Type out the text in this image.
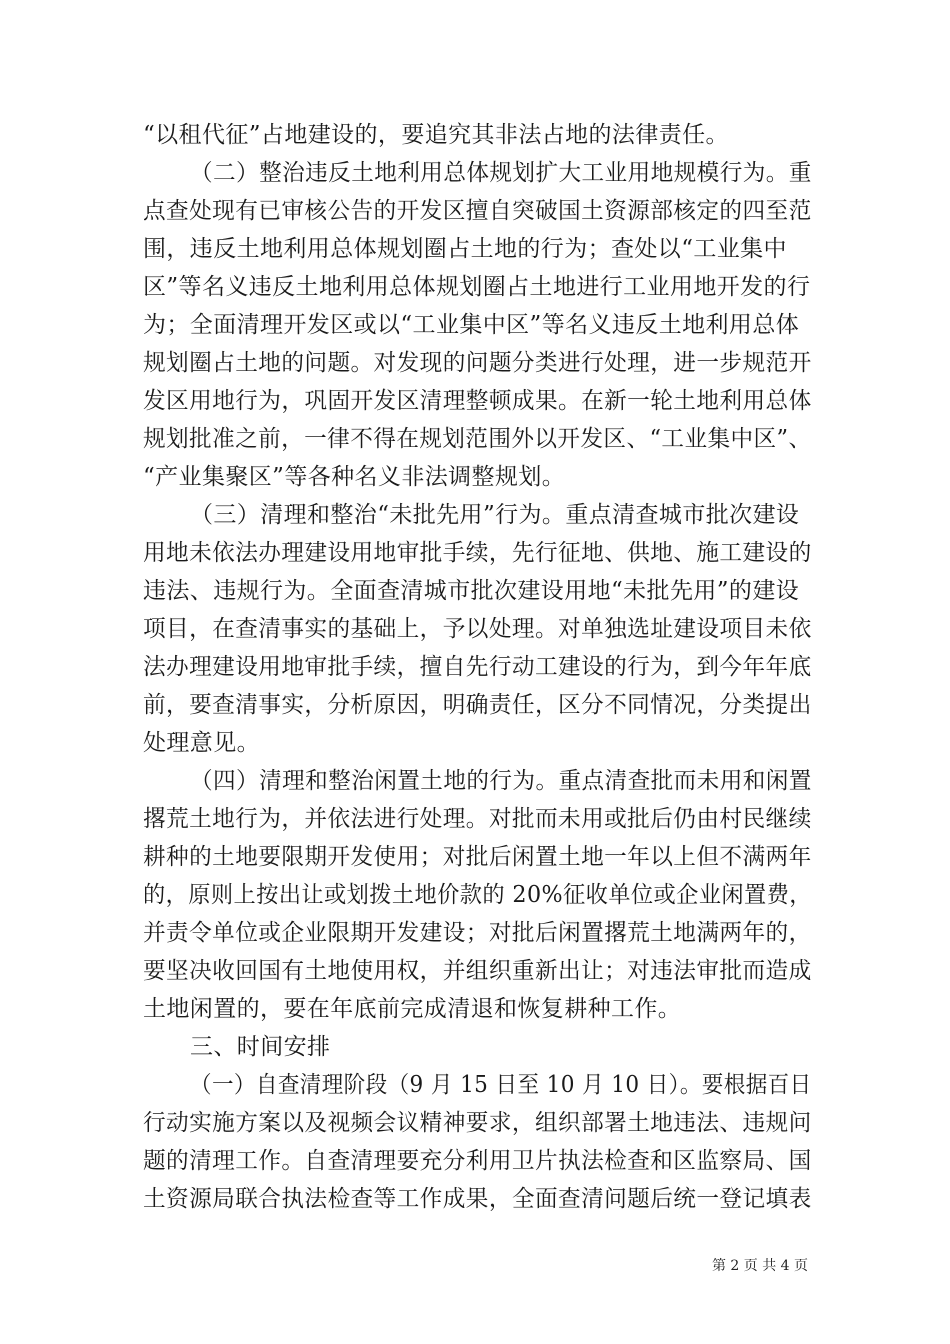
“以租代征”占地建设的，要追究其非法占地的法律责任。
（二）整治违反土地利用总体规划扩大工业用地规模行为。重
点查处现有已审核公告的开发区擅自突破国土资源部核定的四至范
围，违反土地利用总体规划圈占土地的行为；查处以“工业集中
区”等名义违反土地利用总体规划圈占土地进行工业用地开发的行
为；全面清理开发区或以“工业集中区”等名义违反土地利用总体
规划圈占土地的问题。对发现的问题分类进行处理，进一步规范开
发区用地行为，巩固开发区清理整顿成果。在新一轮土地利用总体
规划批准之前，一律不得在规划范围外以开发区、“工业集中区”、
“产业集聚区”等各种名义非法调整规划。
（三）清理和整治“未批先用”行为。重点清查城市批次建设
用地未依法办理建设用地审批手续，先行征地、供地、施工建设的
违法、违规行为。全面查清城市批次建设用地“未批先用”的建设
项目，在查清事实的基础上，予以处理。对单独选址建设项目未依
法办理建设用地审批手续，擅自先行动工建设的行为，到今年年底
前，要查清事实，分析原因，明确责任，区分不同情况，分类提出
处理意见。
（四）清理和整治闲置土地的行为。重点清查批而未用和闲置
撂荒土地行为，并依法进行处理。对批而未用或批后仍由村民继续
耕种的土地要限期开发使用；对批后闲置土地一年以上但不满两年
的，原则上按出让或划拨土地价款的 20%征收单位或企业闲置费，
并责令单位或企业限期开发建设；对批后闲置撂荒土地满两年的，
要坚决收回国有土地使用权，并组织重新出让；对违法审批而造成
土地闲置的，要在年底前完成清退和恢复耕种工作。
三、时间安排
（一）自查清理阶段（9 月 15 日至 10 月 10 日）。要根据百日
行动实施方案以及视频会议精神要求，组织部署土地违法、违规问
题的清理工作。自查清理要充分利用卫片执法检查和区监察局、国
土资源局联合执法检查等工作成果，全面查清问题后统一登记填表
第 2 页 共 4 页
